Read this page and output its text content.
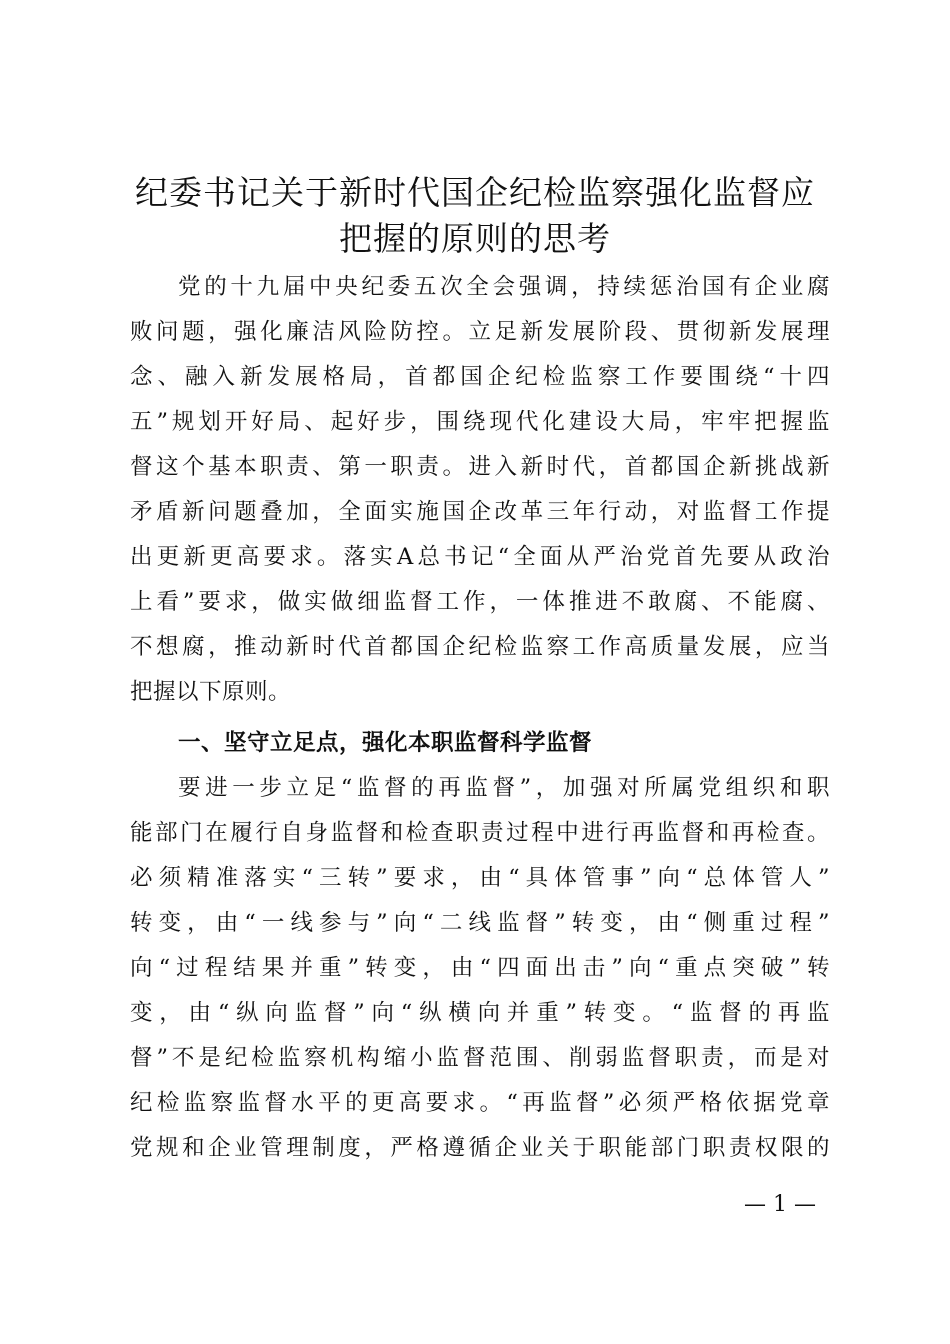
纪委书记关于新时代国企纪检监察强化监督应
把握的原则的思考
党的十九届中央纪委五次全会强调，持续惩治国有企业腐
败问题，强化廉洁风险防控。立足新发展阶段、贯彻新发展理
念、融入新发展格局，首都国企纪检监察工作要围绕“十四
五”规划开好局、起好步，围绕现代化建设大局，牢牢把握监
督这个基本职责、第一职责。进入新时代，首都国企新挑战新
矛盾新问题叠加，全面实施国企改革三年行动，对监督工作提
出更新更高要求。落实A总书记“全面从严治党首先要从政治
上看”要求，做实做细监督工作，一体推进不敢腐、不能腐、
不想腐，推动新时代首都国企纪检监察工作高质量发展，应当
把握以下原则。
一、坚守立足点，强化本职监督科学监督
要进一步立足“监督的再监督”，加强对所属党组织和职
能部门在履行自身监督和检查职责过程中进行再监督和再检查。
必须精准落实“三转”要求，由“具体管事”向“总体管人”
转变，由“一线参与”向“二线监督”转变，由“侧重过程”
向“过程结果并重”转变，由“四面出击”向“重点突破”转
变，由“纵向监督”向“纵横向并重”转变。“监督的再监
督”不是纪检监察机构缩小监督范围、削弱监督职责，而是对
纪检监察监督水平的更高要求。“再监督”必须严格依据党章
党规和企业管理制度，严格遵循企业关于职能部门职责权限的
— 1 —
